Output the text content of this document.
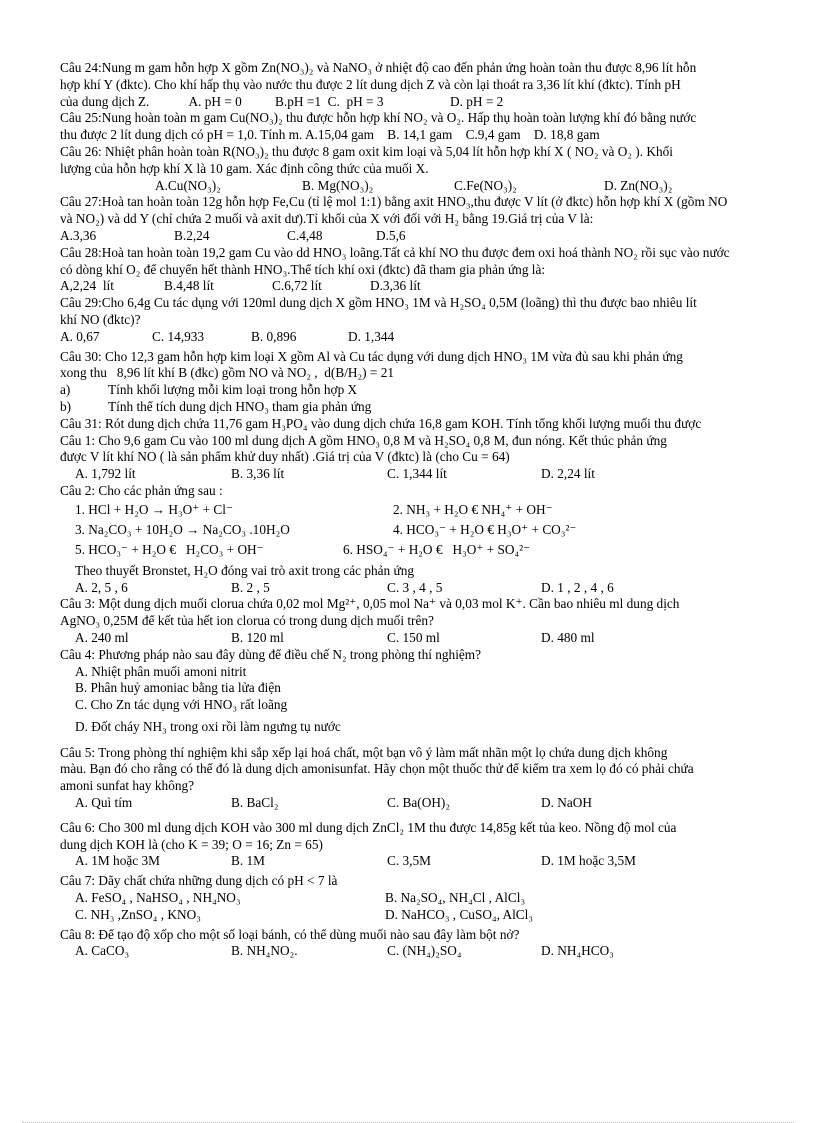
Câu 24:Nung m gam hỗn hợp X gồm Zn(NO₃)₂ và NaNO₃ ở nhiệt độ cao đến phản ứng hoàn toàn thu được 8,96 lít hỗn
hợp khí Y (đktc). Cho khí hấp thụ vào nước thu được 2 lít dung dịch Z và còn lại thoát ra 3,36 lít khí (đktc). Tính pH
của dung dịch Z.            A. pH = 0          B.pH =1  C.  pH = 3                    D. pH = 2
Câu 25:Nung hoàn toàn m gam Cu(NO₃)₂ thu được hỗn hợp khí NO₂ và O₂. Hấp thụ hoàn toàn lượng khí đó bằng nước
thu được 2 lít dung dịch có pH = 1,0. Tính m. A.15,04 gam    B. 14,1 gam    C.9,4 gam    D. 18,8 gam
Câu 26: Nhiệt phân hoàn toàn R(NO₃)₂ thu được 8 gam oxit kim loại và 5,04 lít hỗn hợp khí X ( NO₂ và O₂ ). Khối
lượng của hỗn hợp khí X là 10 gam. Xác định công thức của muối X.
A.Cu(NO₃)₂	B. Mg(NO₃)₂	C.Fe(NO₃)₂	D. Zn(NO₃)₂
Câu 27:Hoà tan hoàn toàn 12g hỗn hợp Fe,Cu (tỉ lệ mol 1:1) bằng axit HNO₃,thu được V lít (ở đktc) hỗn hợp khí X (gồm NO
và NO₂) và dd Y (chỉ chứa 2 muối và axit dư).Tỉ khối của X với đối với H₂ bằng 19.Giá trị của V là:
A.3,36	B.2,24	C.4,48	D.5,6
Câu 28:Hoà tan hoàn toàn 19,2 gam Cu vào dd HNO₃ loãng.Tất cả khí NO thu được đem oxi hoá thành NO₂ rồi sục vào nước
có dòng khí O₂ để chuyển hết thành HNO₃.Thể tích khí oxi (đktc) đã tham gia phản ứng là:
A,2,24  lít	B.4,48 lít	C.6,72 lít	D.3,36 lít
Câu 29:Cho 6,4g Cu tác dụng với 120ml dung dịch X gồm HNO₃ 1M và H₂SO₄ 0,5M (loãng) thì thu được bao nhiêu lít
khí NO (đktc)?
A. 0,67	C. 14,933	B. 0,896	D. 1,344
Câu 30: Cho 12,3 gam hỗn hợp kim loại X gồm Al và Cu tác dụng với dung dịch HNO₃ 1M vừa đủ sau khi phản ứng
xong thu   8,96 lít khí B (đkc) gồm NO và NO₂ ,  d(B/H₂) = 21
a)	Tính khối lượng mỗi kim loại trong hỗn hợp X
b)	Tính thể tích dung dịch HNO₃ tham gia phản ứng
Câu 31: Rót dung dịch chứa 11,76 gam H₃PO₄ vào dung dịch chứa 16,8 gam KOH. Tính tổng khối lượng muối thu được
Câu 1: Cho 9,6 gam Cu vào 100 ml dung dịch A gồm HNO₃ 0,8 M và H₂SO₄ 0,8 M, đun nóng. Kết thúc phản ứng
được V lít khí NO ( là sản phẩm khử duy nhất) .Giá trị của V (đktc) là (cho Cu = 64)
A. 1,792 lít	B. 3,36 lít	C. 1,344 lít	D. 2,24 lít
Câu 2: Cho các phản ứng sau :
1. HCl + H₂O → H₃O⁺ + Cl⁻	2. NH₃ + H₂O € NH₄⁺ + OH⁻
3. Na₂CO₃ + 10H₂O → Na₂CO₃ .10H₂O	4. HCO₃⁻ + H₂O € H₃O⁺ + CO₃²⁻
5. HCO₃⁻ + H₂O €   H₂CO₃ + OH⁻	6. HSO₄⁻ + H₂O €   H₃O⁺ + SO₄²⁻
Theo thuyết Bronstet, H₂O đóng vai trò axit trong các phản ứng
A. 2, 5 , 6	B. 2 , 5	C. 3 , 4 , 5	D. 1 , 2 , 4 , 6
Câu 3: Một dung dịch muối clorua chứa 0,02 mol Mg²⁺, 0,05 mol Na⁺ và 0,03 mol K⁺. Cần bao nhiêu ml dung dịch
AgNO₃ 0,25M để kết tủa hết ion clorua có trong dung dịch muối trên?
A. 240 ml	B. 120 ml	C. 150 ml	D. 480 ml
Câu 4: Phương pháp nào sau đây dùng để điều chế N₂ trong phòng thí nghiệm?
A. Nhiệt phân muối amoni nitrit
B. Phân huỷ amoniac bằng tia lửa điện
C. Cho Zn tác dụng với HNO₃ rất loãng
D. Đốt cháy NH₃ trong oxi rồi làm ngưng tụ nước
Câu 5: Trong phòng thí nghiệm khi sắp xếp lại hoá chất, một bạn vô ý làm mất nhãn một lọ chứa dung dịch không
màu. Bạn đó cho rằng có thể đó là dung dịch amonisunfat. Hãy chọn một thuốc thử để kiểm tra xem lọ đó có phải chứa
amoni sunfat hay không?
A. Quì tím	B. BaCl₂	C. Ba(OH)₂	D. NaOH
Câu 6: Cho 300 ml dung dịch KOH vào 300 ml dung dịch ZnCl₂ 1M thu được 14,85g kết tủa keo. Nồng độ mol của
dung dịch KOH là (cho K = 39; O = 16; Zn = 65)
A. 1M hoặc 3M	B. 1M	C. 3,5M	D. 1M hoặc 3,5M
Câu 7: Dãy chất chứa những dung dịch có pH < 7 là
A. FeSO₄ , NaHSO₄ , NH₄NO₃	B. Na₂SO₄, NH₄Cl , AlCl₃
C. NH₃ ,ZnSO₄ , KNO₃	D. NaHCO₃ , CuSO₄, AlCl₃
Câu 8: Để tạo độ xốp cho một số loại bánh, có thể dùng muối nào sau đây làm bột nở?
A. CaCO₃	B. NH₄NO₂.	C. (NH₄)₂SO₄	D. NH₄HCO₃
